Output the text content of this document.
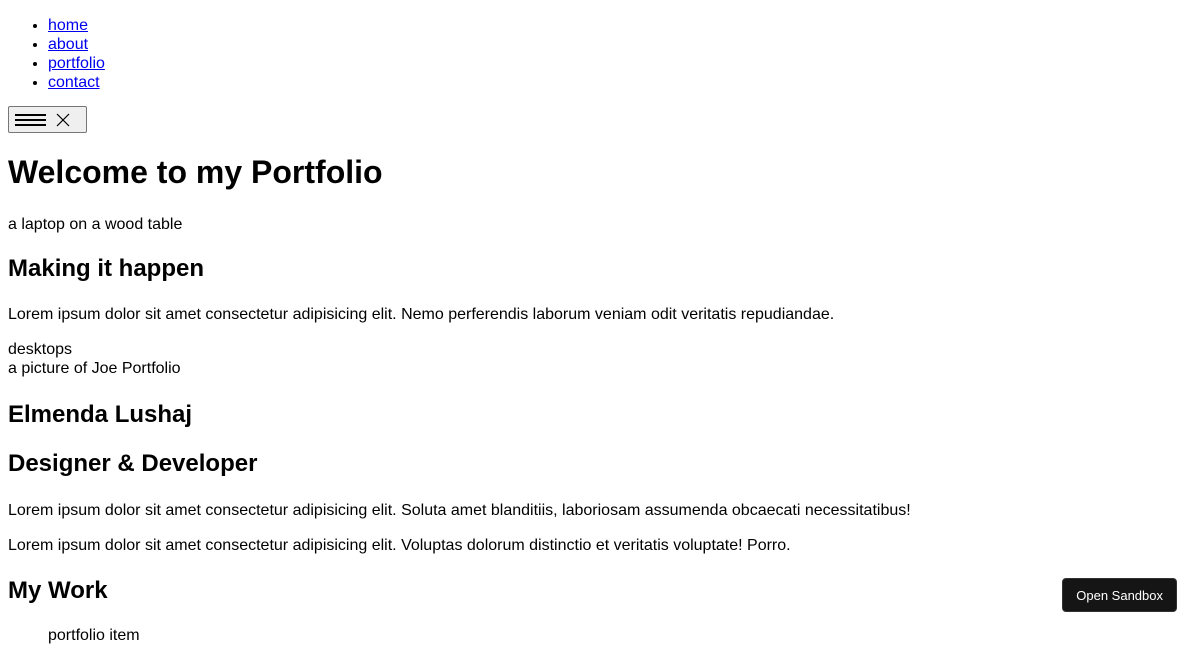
• home
• about
• portfolio
• contact
Welcome to my Portfolio
a laptop on a wood table
Making it happen

Lorem ipsum dolor sit amet consectetur adipisicing elit. Nemo perferendis laborum veniam odit veritatis repudiandae.

desktops
a picture of Joe Portfolio
Elmenda Lushaj
Designer & Developer

Lorem ipsum dolor sit amet consectetur adipisicing elit. Soluta amet blanditiis, laboriosam assumenda obcaecati necessitatibus!

Lorem ipsum dolor sit amet consectetur adipisicing elit. Voluptas dolorum distinctio et veritatis voluptate! Porro.

My Work
portfolio item
Open Sandbox
